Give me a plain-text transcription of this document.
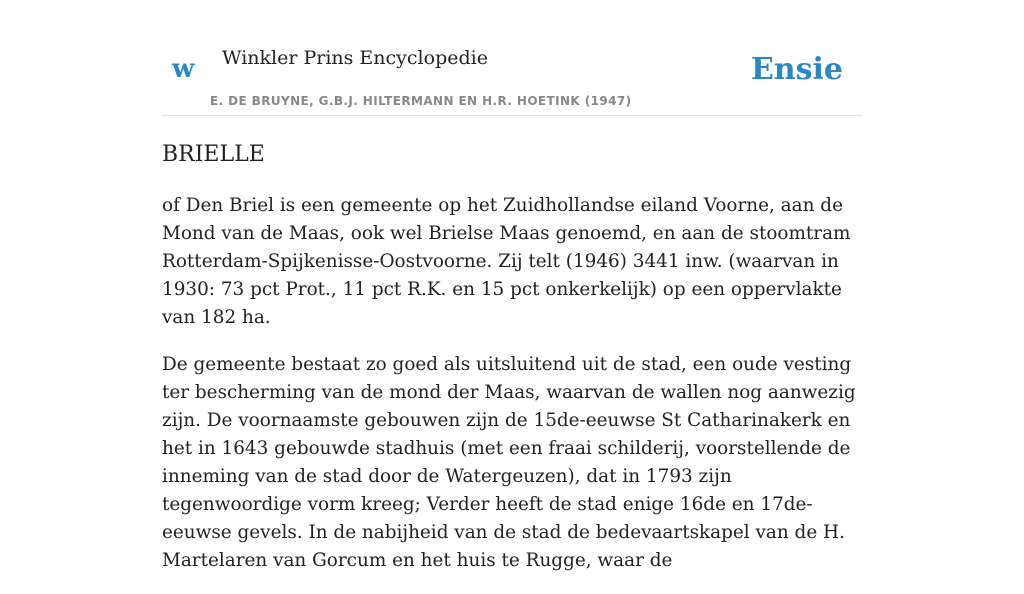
w Winkler Prins Encyclopedie	Ensie
E. DE BRUYNE, G.B.J. HILTERMANN EN H.R. HOETINK (1947)
BRIELLE

of Den Briel is een gemeente op het Zuidhollandse eiland Voorne, aan de Mond van de Maas, ook wel Brielse Maas genoemd, en aan de stoomtram Rotterdam-Spijkenisse-Oostvoorne. Zij telt (1946) 3441 inw. (waarvan in 1930: 73 pct Prot., 11 pct R.K. en 15 pct onkerkelijk) op een oppervlakte van 182 ha.

De gemeente bestaat zo goed als uitsluitend uit de stad, een oude vesting ter bescherming van de mond der Maas, waarvan de wallen nog aanwezig zijn. De voornaamste gebouwen zijn de 15de-eeuwse St Catharinakerk en het in 1643 gebouwde stadhuis (met een fraai schilderij, voorstellende de inneming van de stad door de Watergeuzen), dat in 1793 zijn tegenwoordige vorm kreeg; Verder heeft de stad enige 16de en 17de-eeuwse gevels. In de nabijheid van de stad de bedevaartskapel van de H. Martelaren van Gorcum en het huis te Rugge, waar de
